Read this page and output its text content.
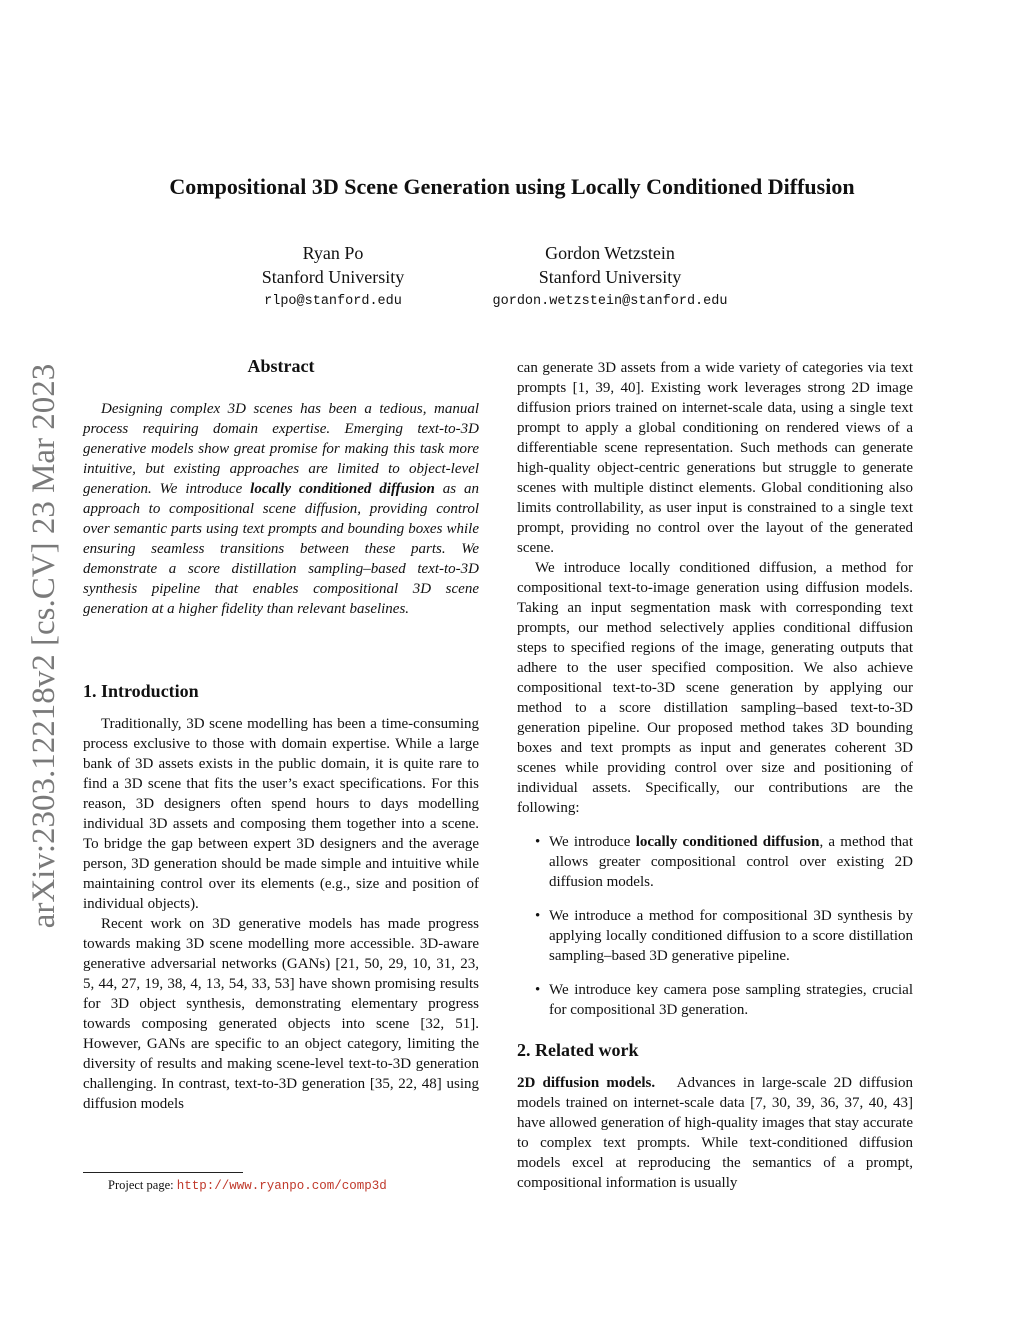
arXiv:2303.12218v2 [cs.CV] 23 Mar 2023
Compositional 3D Scene Generation using Locally Conditioned Diffusion
Ryan Po
Stanford University
rlpo@stanford.edu
Gordon Wetzstein
Stanford University
gordon.wetzstein@stanford.edu
Abstract

Designing complex 3D scenes has been a tedious, manual process requiring domain expertise. Emerging text-to-3D generative models show great promise for making this task more intuitive, but existing approaches are limited to object-level generation. We introduce locally conditioned diffusion as an approach to compositional scene diffusion, providing control over semantic parts using text prompts and bounding boxes while ensuring seamless transitions between these parts. We demonstrate a score distillation sampling–based text-to-3D synthesis pipeline that enables compositional 3D scene generation at a higher fidelity than relevant baselines.

1. Introduction

Traditionally, 3D scene modelling has been a time-consuming process exclusive to those with domain expertise. While a large bank of 3D assets exists in the public domain, it is quite rare to find a 3D scene that fits the user’s exact specifications. For this reason, 3D designers often spend hours to days modelling individual 3D assets and composing them together into a scene. To bridge the gap between expert 3D designers and the average person, 3D generation should be made simple and intuitive while maintaining control over its elements (e.g., size and position of individual objects).

Recent work on 3D generative models has made progress towards making 3D scene modelling more accessible. 3D-aware generative adversarial networks (GANs) [21, 50, 29, 10, 31, 23, 5, 44, 27, 19, 38, 4, 13, 54, 33, 53] have shown promising results for 3D object synthesis, demonstrating elementary progress towards composing generated objects into scene [32, 51]. However, GANs are specific to an object category, limiting the diversity of results and making scene-level text-to-3D generation challenging. In contrast, text-to-3D generation [35, 22, 48] using diffusion models

can generate 3D assets from a wide variety of categories via text prompts [1, 39, 40]. Existing work leverages strong 2D image diffusion priors trained on internet-scale data, using a single text prompt to apply a global conditioning on rendered views of a differentiable scene representation. Such methods can generate high-quality object-centric generations but struggle to generate scenes with multiple distinct elements. Global conditioning also limits controllability, as user input is constrained to a single text prompt, providing no control over the layout of the generated scene.

We introduce locally conditioned diffusion, a method for compositional text-to-image generation using diffusion models. Taking an input segmentation mask with corresponding text prompts, our method selectively applies conditional diffusion steps to specified regions of the image, generating outputs that adhere to the user specified composition. We also achieve compositional text-to-3D scene generation by applying our method to a score distillation sampling–based text-to-3D generation pipeline. Our proposed method takes 3D bounding boxes and text prompts as input and generates coherent 3D scenes while providing control over size and positioning of individual assets. Specifically, our contributions are the following:

• We introduce locally conditioned diffusion, a method that allows greater compositional control over existing 2D diffusion models.
• We introduce a method for compositional 3D synthesis by applying locally conditioned diffusion to a score distillation sampling–based 3D generative pipeline.
• We introduce key camera pose sampling strategies, crucial for compositional 3D generation.
2. Related work

2D diffusion models. Advances in large-scale 2D diffusion models trained on internet-scale data [7, 30, 39, 36, 37, 40, 43] have allowed generation of high-quality images that stay accurate to complex text prompts. While text-conditioned diffusion models excel at reproducing the semantics of a prompt, compositional information is usually

Project page: http://www.ryanpo.com/comp3d
